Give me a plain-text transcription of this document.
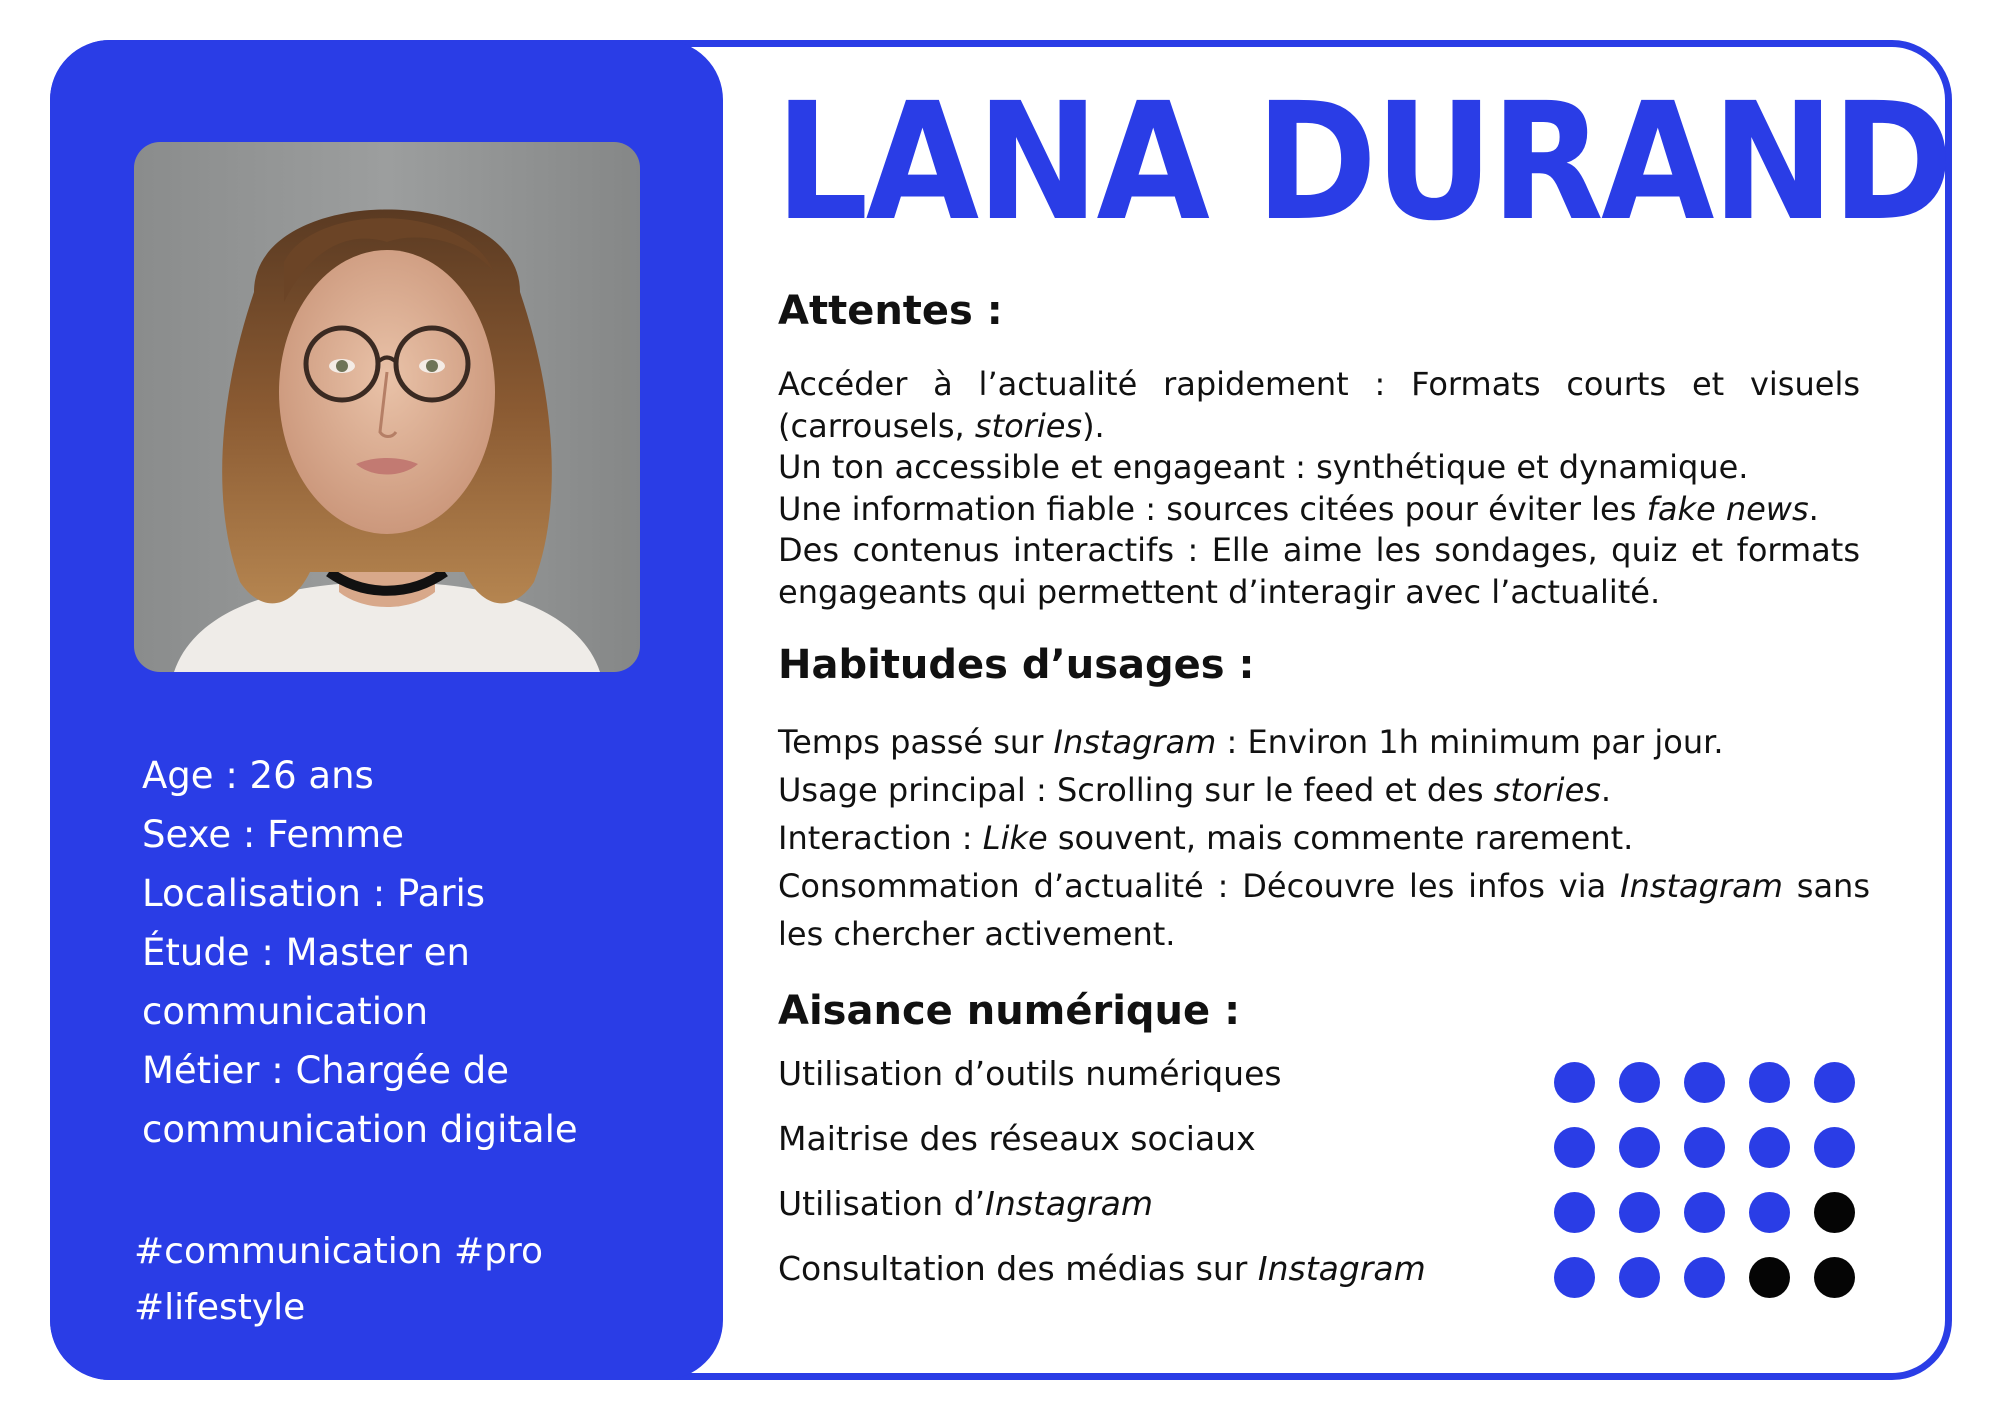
Age : 26 ans
Sexe : Femme
Localisation : Paris
Étude : Master en
communication
Métier : Chargée de
communication digitale
#communication #pro
#lifestyle
LANA DURAND
Attentes :

Accéder à l’actualité rapidement : Formats courts et visuels (carrousels, stories).

Un ton accessible et engageant : synthétique et dynamique.

Une information fiable : sources citées pour éviter les fake news.

Des contenus interactifs : Elle aime les sondages, quiz et formats engageants qui permettent d’interagir avec l’actualité.

Habitudes d’usages :

Temps passé sur Instagram : Environ 1h minimum par jour.

Usage principal : Scrolling sur le feed et des stories.

Interaction : Like souvent, mais commente rarement.

Consommation d’actualité : Découvre les infos via Instagram sans les chercher activement.

Aisance numérique :
Utilisation d’outils numériques
Maitrise des réseaux sociaux
Utilisation d’Instagram
Consultation des médias sur Instagram
